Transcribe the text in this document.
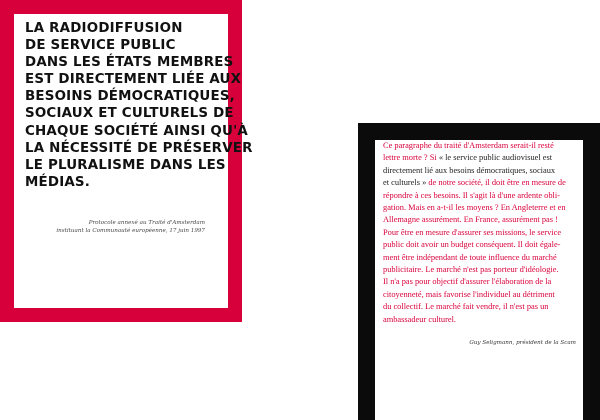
LA RADIODIFFUSION
DE SERVICE PUBLIC
DANS LES ÉTATS MEMBRES
EST DIRECTEMENT LIÉE AUX
BESOINS DÉMOCRATIQUES,
SOCIAUX ET CULTURELS DE
CHAQUE SOCIÉTÉ AINSI QU'À
LA NÉCESSITÉ DE PRÉSERVER
LE PLURALISME DANS LES
MÉDIAS.
Protocole annexé au Traité d'Amsterdam
instituant la Communauté européenne, 17 juin 1997
Ce paragraphe du traité d'Amsterdam serait-il resté
lettre morte ? Si « le service public audiovisuel est
directement lié aux besoins démocratiques, sociaux
et culturels » de notre société, il doit être en mesure de
répondre à ces besoins. Il s'agit là d'une ardente obli-
gation. Mais en a-t-il les moyens ? En Angleterre et en
Allemagne assurément. En France, assurément pas !
Pour être en mesure d'assurer ses missions, le service
public doit avoir un budget conséquent. Il doit égale-
ment être indépendant de toute influence du marché
publicitaire. Le marché n'est pas porteur d'idéologie.
Il n'a pas pour objectif d'assurer l'élaboration de la
citoyenneté, mais favorise l'individuel au détriment
du collectif. Le marché fait vendre, il n'est pas un
ambassadeur culturel.
Guy Seligmann, président de la Scam
